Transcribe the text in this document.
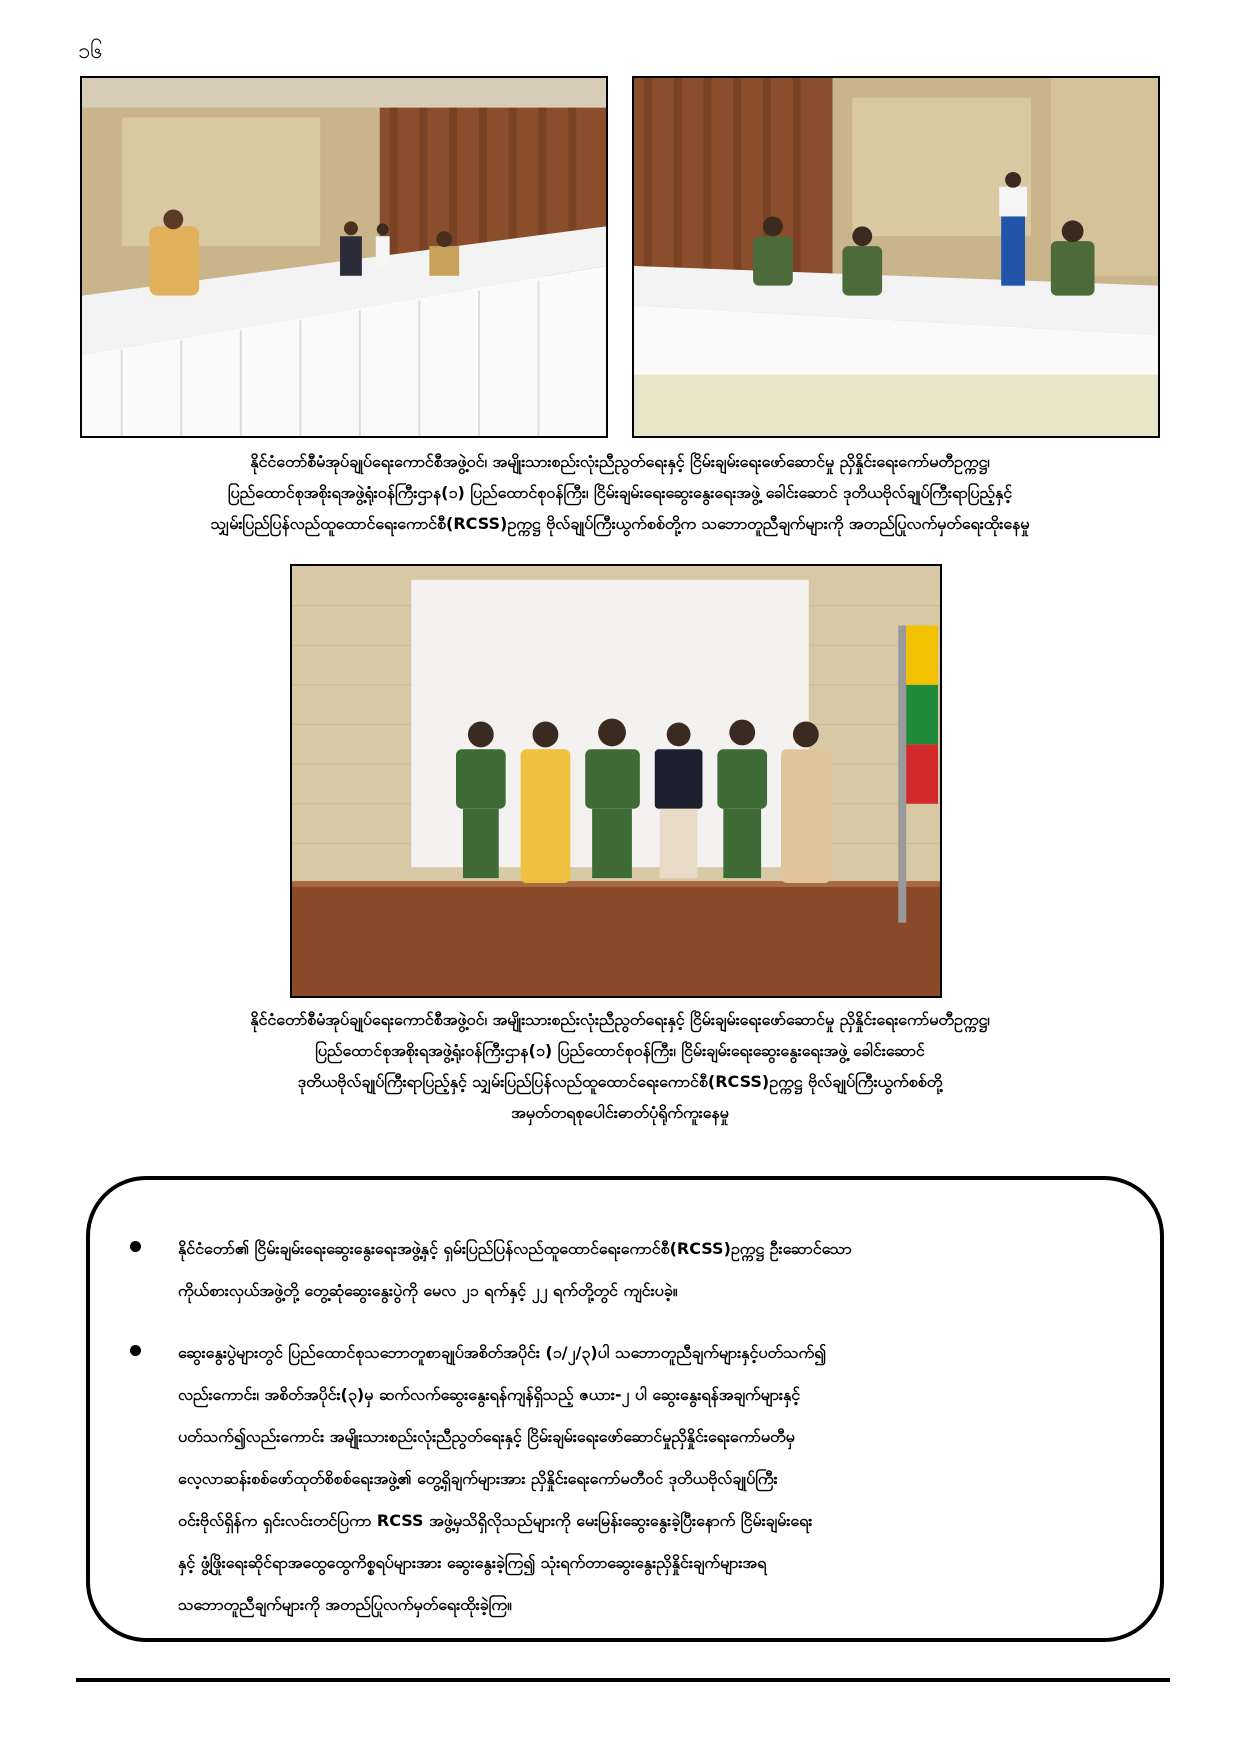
၁၆
နိုင်ငံတော်စီမံအုပ်ချုပ်ရေးကောင်စီအဖွဲ့ဝင်၊ အမျိုးသားစည်းလုံးညီညွတ်ရေးနှင့် ငြိမ်းချမ်းရေးဖော်ဆောင်မှု ညှိနှိုင်းရေးကော်မတီဥက္ကဋ္ဌ၊
ပြည်ထောင်စုအစိုးရအဖွဲ့ရုံးဝန်ကြီးဌာန(၁) ပြည်ထောင်စုဝန်ကြီး၊ ငြိမ်းချမ်းရေးဆွေးနွေးရေးအဖွဲ့ ခေါင်းဆောင် ဒုတိယဗိုလ်ချုပ်ကြီးရာပြည့်နှင့်
သျှမ်းပြည်ပြန်လည်ထူထောင်ရေးကောင်စီ(RCSS)ဥက္ကဋ္ဌ ဗိုလ်ချုပ်ကြီးယွက်စစ်တို့က သဘောတူညီချက်များကို အတည်ပြုလက်မှတ်ရေးထိုးနေမှု
နိုင်ငံတော်စီမံအုပ်ချုပ်ရေးကောင်စီအဖွဲ့ဝင်၊ အမျိုးသားစည်းလုံးညီညွတ်ရေးနှင့် ငြိမ်းချမ်းရေးဖော်ဆောင်မှု ညှိနှိုင်းရေးကော်မတီဥက္ကဋ္ဌ၊
ပြည်ထောင်စုအစိုးရအဖွဲ့ရုံးဝန်ကြီးဌာန(၁) ပြည်ထောင်စုဝန်ကြီး၊ ငြိမ်းချမ်းရေးဆွေးနွေးရေးအဖွဲ့ ခေါင်းဆောင်
ဒုတိယဗိုလ်ချုပ်ကြီးရာပြည့်နှင့် သျှမ်းပြည်ပြန်လည်ထူထောင်ရေးကောင်စီ(RCSS)ဥက္ကဋ္ဌ ဗိုလ်ချုပ်ကြီးယွက်စစ်တို့
အမှတ်တရစုပေါင်းဓာတ်ပုံရိုက်ကူးနေမှု
နိုင်ငံတော်၏ ငြိမ်းချမ်းရေးဆွေးနွေးရေးအဖွဲ့နှင့် ရှမ်းပြည်ပြန်လည်ထူထောင်ရေးကောင်စီ(RCSS)ဥက္ကဋ္ဌ ဦးဆောင်သော
ကိုယ်စားလှယ်အဖွဲ့တို့ တွေ့ဆုံဆွေးနွေးပွဲကို မေလ ၂၁ ရက်နှင့် ၂၂ ရက်တို့တွင် ကျင်းပခဲ့။
ဆွေးနွေးပွဲများတွင် ပြည်ထောင်စုသဘောတူစာချုပ်အစိတ်အပိုင်း (၁/၂/၃)ပါ သဘောတူညီချက်များနှင့်ပတ်သက်၍
လည်းကောင်း၊ အစိတ်အပိုင်း(၃)မှ ဆက်လက်ဆွေးနွေးရန်ကျန်ရှိသည့် ဇယား-၂ ပါ ဆွေးနွေးရန်အချက်များနှင့်
ပတ်သက်၍လည်းကောင်း အမျိုးသားစည်းလုံးညီညွတ်ရေးနှင့် ငြိမ်းချမ်းရေးဖော်ဆောင်မှုညှိနှိုင်းရေးကော်မတီမှ
လေ့လာဆန်းစစ်ဖော်ထုတ်စိစစ်ရေးအဖွဲ့၏ တွေ့ရှိချက်များအား ညှိနှိုင်းရေးကော်မတီဝင် ဒုတိယဗိုလ်ချုပ်ကြီး
ဝင်းဗိုလ်ရှိန်က ရှင်းလင်းတင်ပြကာ RCSS အဖွဲ့မှသိရှိလိုသည်များကို မေးမြန်းဆွေးနွေးခဲ့ပြီးနောက် ငြိမ်းချမ်းရေး
နှင့် ဖွံ့ဖြိုးရေးဆိုင်ရာအထွေထွေကိစ္စရပ်များအား ဆွေးနွေးခဲ့ကြ၍ သုံးရက်တာဆွေးနွေးညှိနှိုင်းချက်များအရ
သဘောတူညီချက်များကို အတည်ပြုလက်မှတ်ရေးထိုးခဲ့ကြ။
